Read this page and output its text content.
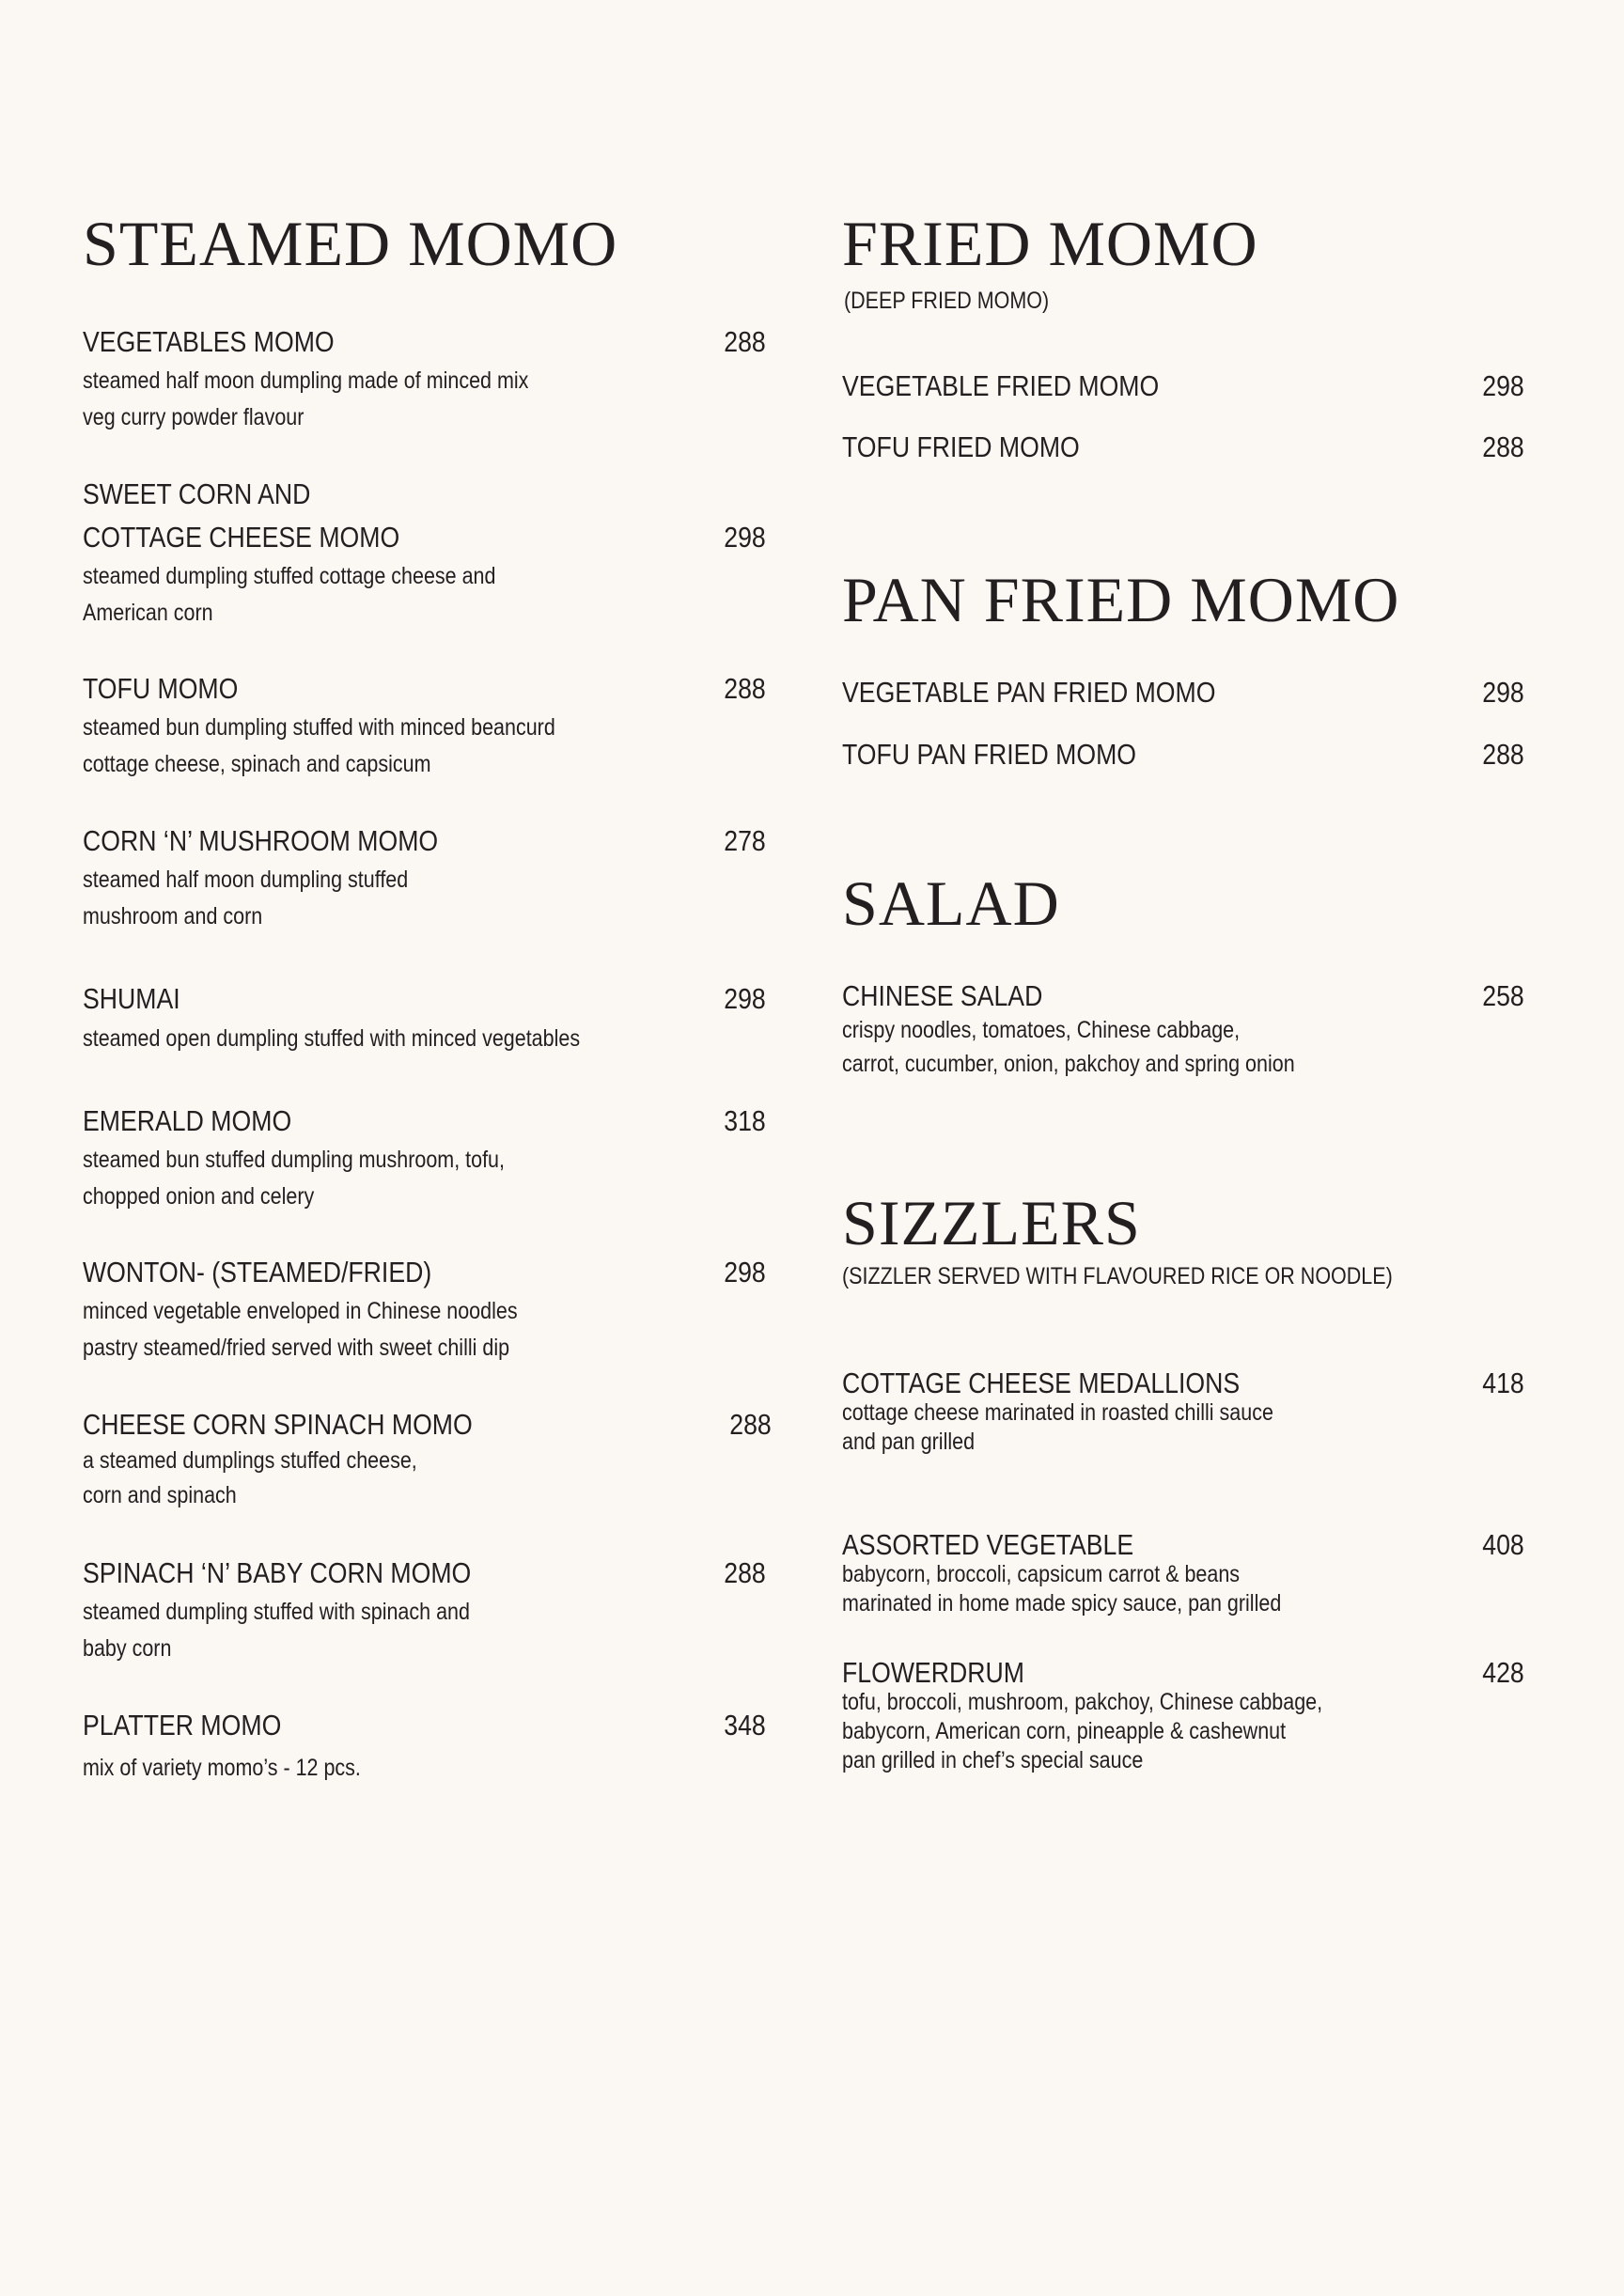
STEAMED MOMO
VEGETABLES MOMO	288
steamed half moon dumpling made of minced mix
veg curry powder flavour
SWEET CORN AND
COTTAGE CHEESE MOMO	298
steamed dumpling stuffed cottage cheese and
American corn
TOFU MOMO	288
steamed bun dumpling stuffed with minced beancurd
cottage cheese, spinach and capsicum
CORN ‘N’ MUSHROOM MOMO	278
steamed half moon dumpling stuffed
mushroom and corn
SHUMAI	298
steamed open dumpling stuffed with minced vegetables
EMERALD MOMO	318
steamed bun stuffed dumpling mushroom, tofu,
chopped onion and celery
WONTON- (STEAMED/FRIED)	298
minced vegetable enveloped in Chinese noodles
pastry steamed/fried served with sweet chilli dip
CHEESE CORN SPINACH MOMO	288
a steamed dumplings stuffed cheese,
corn and spinach
SPINACH ‘N’ BABY CORN MOMO	288
steamed dumpling stuffed with spinach and
baby corn
PLATTER MOMO	348
mix of variety momo’s - 12 pcs.
FRIED MOMO
(DEEP FRIED MOMO)
VEGETABLE FRIED MOMO	298
TOFU FRIED MOMO	288
PAN FRIED MOMO
VEGETABLE PAN FRIED MOMO	298
TOFU PAN FRIED MOMO	288
SALAD
CHINESE SALAD	258
crispy noodles, tomatoes, Chinese cabbage,
carrot, cucumber, onion, pakchoy and spring onion
SIZZLERS
(SIZZLER SERVED WITH FLAVOURED RICE OR NOODLE)
COTTAGE CHEESE MEDALLIONS	418
cottage cheese marinated in roasted chilli sauce
and pan grilled
ASSORTED VEGETABLE	408
babycorn, broccoli, capsicum carrot & beans
marinated in home made spicy sauce, pan grilled
FLOWERDRUM	428
tofu, broccoli, mushroom, pakchoy, Chinese cabbage,
babycorn, American corn, pineapple & cashewnut
pan grilled in chef’s special sauce
